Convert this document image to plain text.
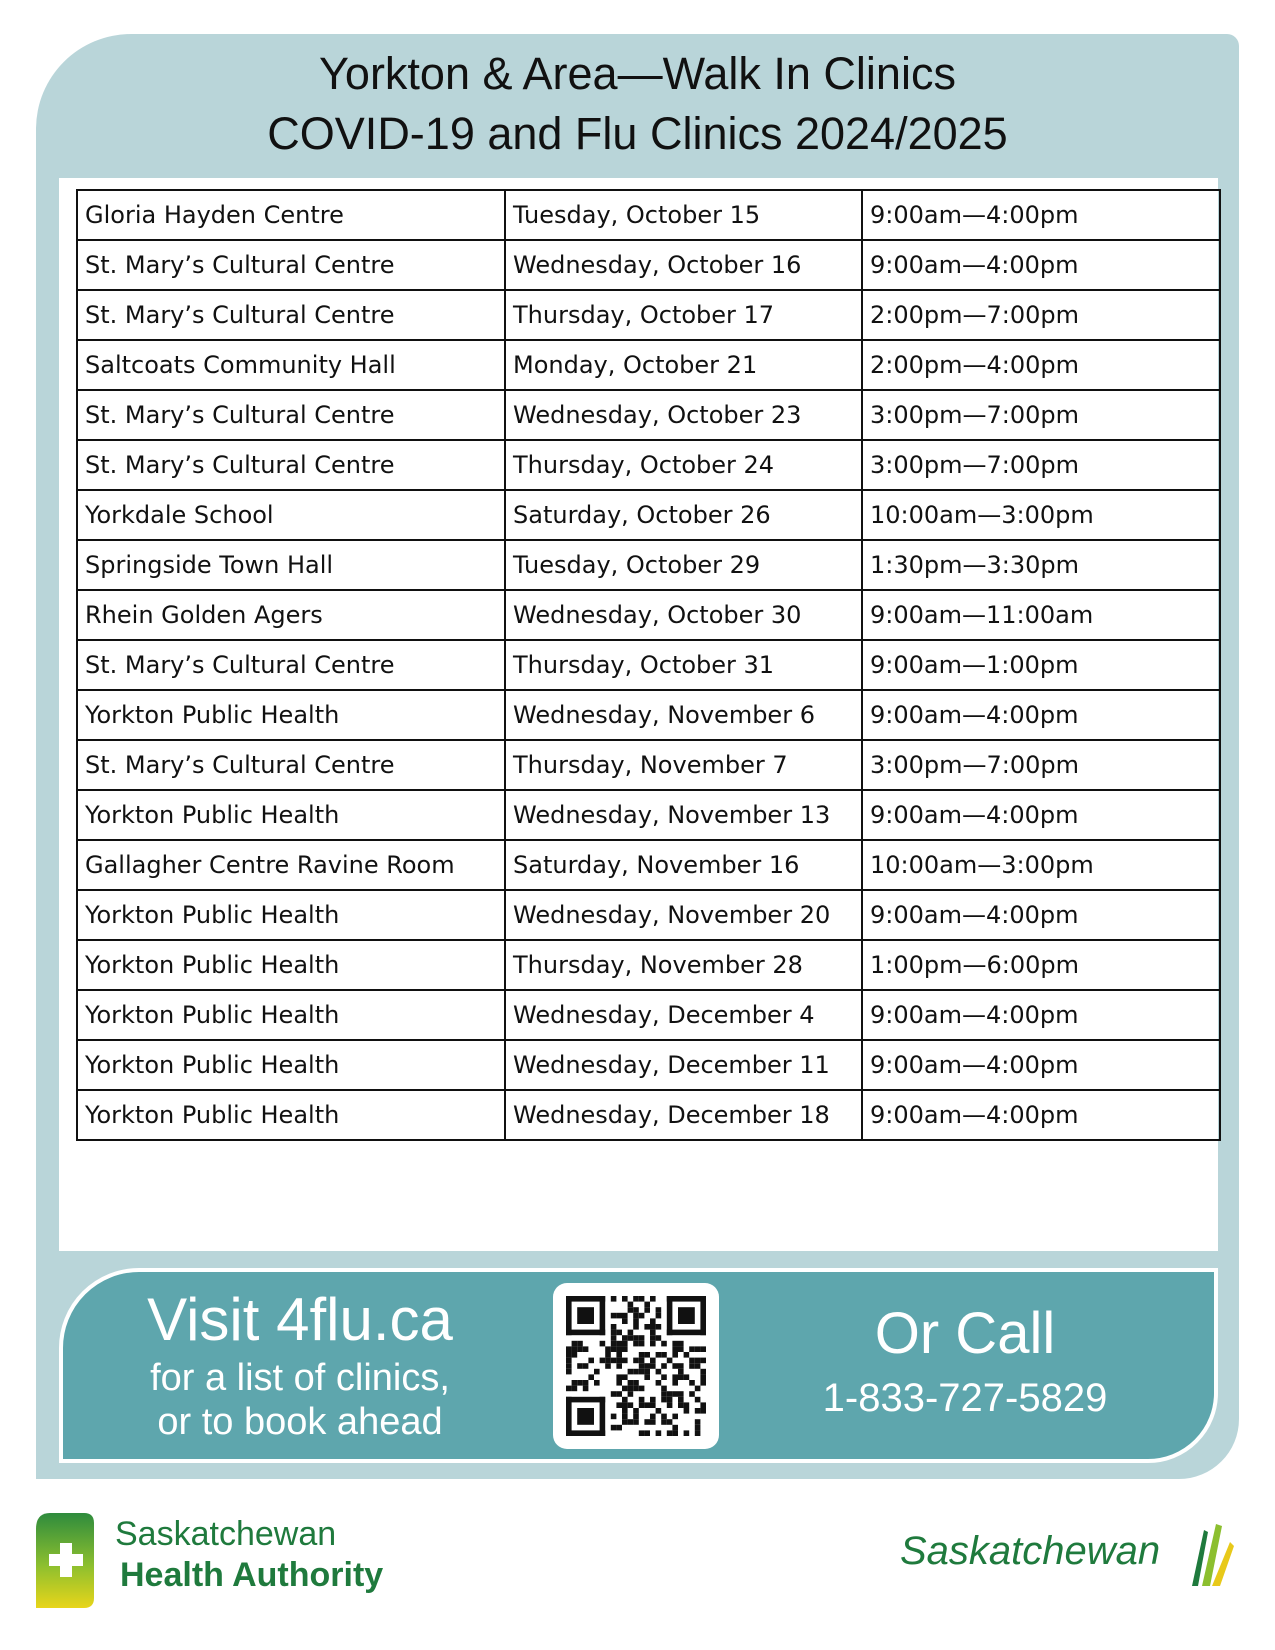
Yorkton & Area—Walk In Clinics
COVID-19 and Flu Clinics 2024/2025
Gloria Hayden Centre	Tuesday, October 15	9:00am—4:00pm
St. Mary’s Cultural Centre	Wednesday, October 16	9:00am—4:00pm
St. Mary’s Cultural Centre	Thursday, October 17	2:00pm—7:00pm
Saltcoats Community Hall	Monday, October 21	2:00pm—4:00pm
St. Mary’s Cultural Centre	Wednesday, October 23	3:00pm—7:00pm
St. Mary’s Cultural Centre	Thursday, October 24	3:00pm—7:00pm
Yorkdale School	Saturday, October 26	10:00am—3:00pm
Springside Town Hall	Tuesday, October 29	1:30pm—3:30pm
Rhein Golden Agers	Wednesday, October 30	9:00am—11:00am
St. Mary’s Cultural Centre	Thursday, October 31	9:00am—1:00pm
Yorkton Public Health	Wednesday, November 6	9:00am—4:00pm
St. Mary’s Cultural Centre	Thursday, November 7	3:00pm—7:00pm
Yorkton Public Health	Wednesday, November 13	9:00am—4:00pm
Gallagher Centre Ravine Room	Saturday, November 16	10:00am—3:00pm
Yorkton Public Health	Wednesday, November 20	9:00am—4:00pm
Yorkton Public Health	Thursday, November 28	1:00pm—6:00pm
Yorkton Public Health	Wednesday, December 4	9:00am—4:00pm
Yorkton Public Health	Wednesday, December 11	9:00am—4:00pm
Yorkton Public Health	Wednesday, December 18	9:00am—4:00pm
Visit 4flu.ca
for a list of clinics,
or to book ahead
Or Call
1-833-727-5829
Saskatchewan
Health Authority
Saskatchewan
